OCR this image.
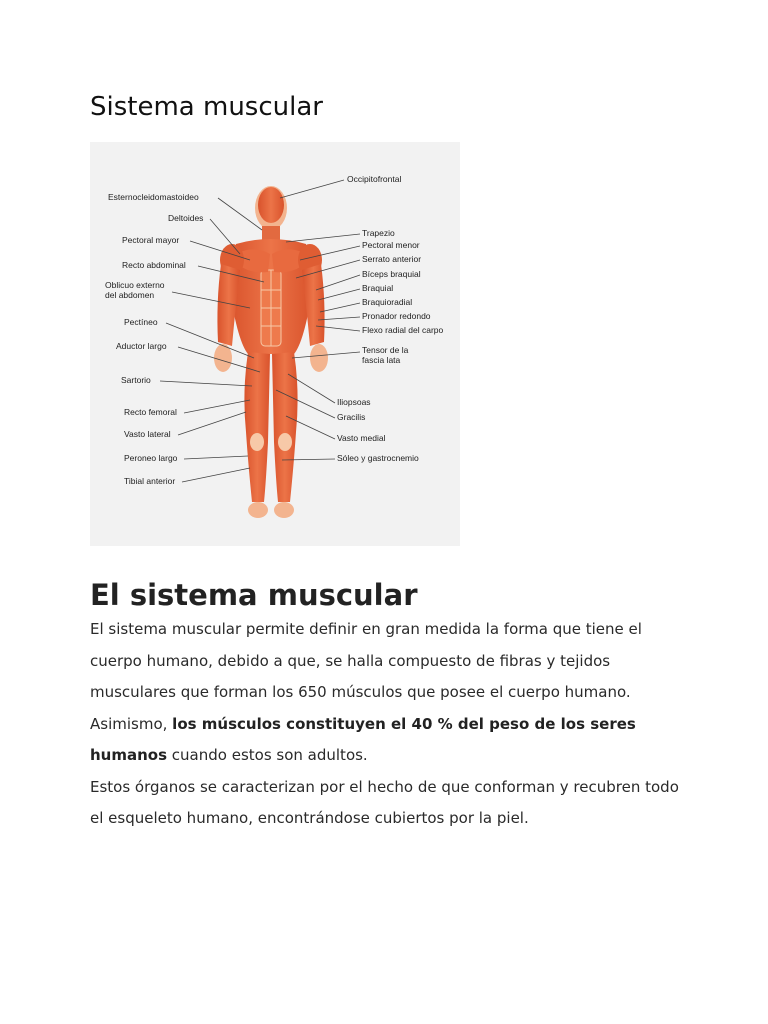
Sistema muscular
Esternocleidomastoideo
Deltoides
Pectoral mayor
Recto abdominal
Oblicuo externo
del abdomen
Pectíneo
Aductor largo
Sartorio
Recto femoral
Vasto lateral
Peroneo largo
Tibial anterior
Occipitofrontal
Trapezio
Pectoral menor
Serrato anterior
Bíceps braquial
Braquial
Braquioradial
Pronador redondo
Flexo radial del carpo
Tensor de la
fascia lata
Iliopsoas
Gracilis
Vasto medial
Sóleo y gastrocnemio
El sistema muscular

El sistema muscular permite definir en gran medida la forma que tiene el cuerpo humano, debido a que, se halla compuesto de fibras y tejidos musculares que forman los 650 músculos que posee el cuerpo humano.

Asimismo, los músculos constituyen el 40 % del peso de los seres humanos cuando estos son adultos.

Estos órganos se caracterizan por el hecho de que conforman y recubren todo el esqueleto humano, encontrándose cubiertos por la piel.
